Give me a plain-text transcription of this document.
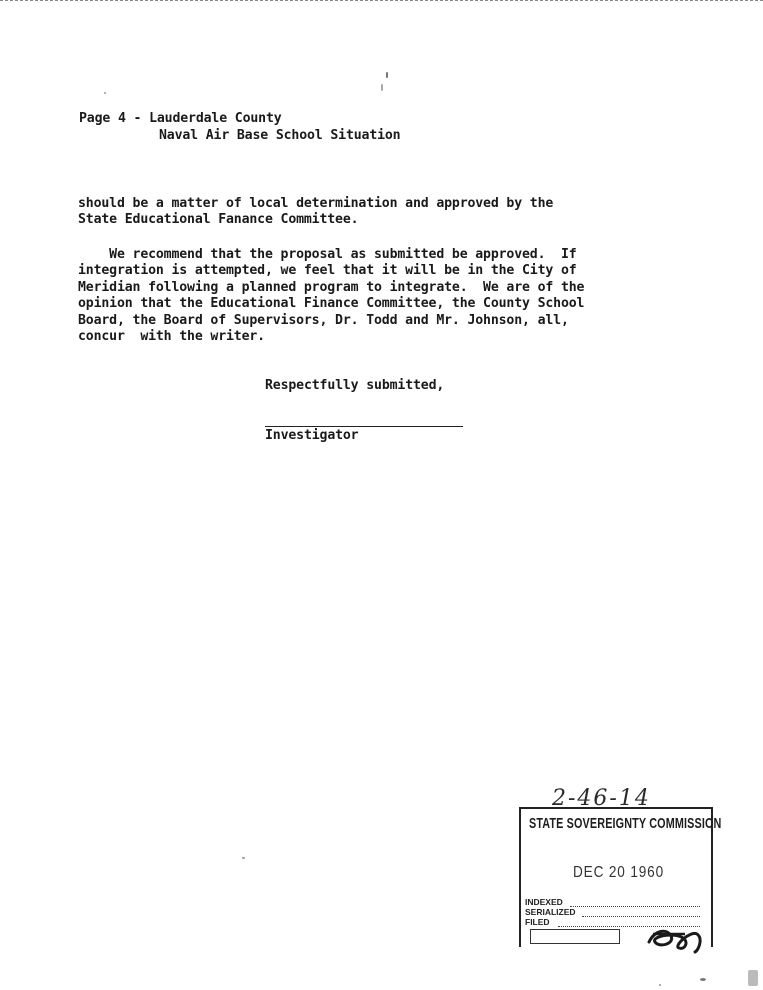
Page 4 - Lauderdale County
Naval Air Base School Situation
should be a matter of local determination and approved by the
State Educational Fanance Committee.
We recommend that the proposal as submitted be approved.  If
integration is attempted, we feel that it will be in the City of
Meridian following a planned program to integrate.  We are of the
opinion that the Educational Finance Committee, the County School
Board, the Board of Supervisors, Dr. Todd and Mr. Johnson, all,
concur  with the writer.
Respectfully submitted,
Investigator
2-46-14
STATE SOVEREIGNTY COMMISSION
DEC 20 1960
INDEXED
SERIALIZED
FILED
